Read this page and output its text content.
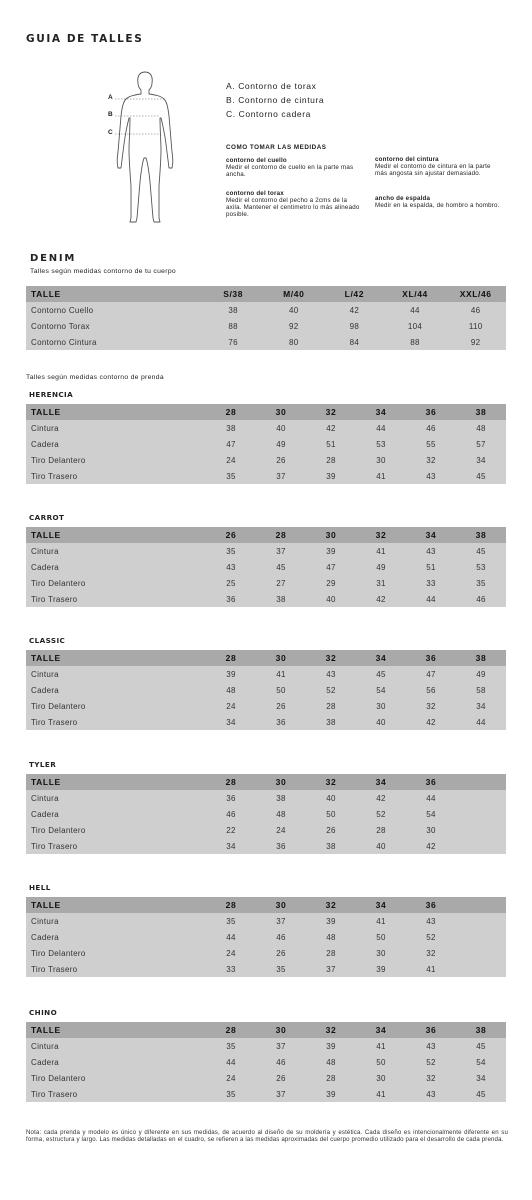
GUIA DE TALLES
A
B
C
A. Contorno de torax
B. Contorno de cintura
C. Contorno cadera
COMO TOMAR LAS MEDIDAS
contorno del cuello
Medir el contorno de cuello en la parte mas ancha.
contorno del torax
Medir el contorno del pecho a 2cms de la axila. Mantener el centimetro lo más alineado posible.
contorno del cintura
Medir el contorno de cintura en la parte más angosta sin ajustar demasiado.
ancho de espalda
Medir en la espalda, de hombro a hombro.
DENIM
Talles según medidas contorno de tu cuerpo
TALLE	S/38	M/40	L/42	XL/44	XXL/46
Contorno Cuello	38	40	42	44	46
Contorno Torax	88	92	98	104	110
Contorno Cintura	76	80	84	88	92
Talles según medidas contorno de prenda
HERENCIA
TALLE	28	30	32	34	36	38
Cintura	38	40	42	44	46	48
Cadera	47	49	51	53	55	57
Tiro Delantero	24	26	28	30	32	34
Tiro Trasero	35	37	39	41	43	45
CARROT
TALLE	26	28	30	32	34	38
Cintura	35	37	39	41	43	45
Cadera	43	45	47	49	51	53
Tiro Delantero	25	27	29	31	33	35
Tiro Trasero	36	38	40	42	44	46
CLASSIC
TALLE	28	30	32	34	36	38
Cintura	39	41	43	45	47	49
Cadera	48	50	52	54	56	58
Tiro Delantero	24	26	28	30	32	34
Tiro Trasero	34	36	38	40	42	44
TYLER
TALLE	28	30	32	34	36	
Cintura	36	38	40	42	44	
Cadera	46	48	50	52	54	
Tiro Delantero	22	24	26	28	30	
Tiro Trasero	34	36	38	40	42	
HELL
TALLE	28	30	32	34	36	
Cintura	35	37	39	41	43	
Cadera	44	46	48	50	52	
Tiro Delantero	24	26	28	30	32	
Tiro Trasero	33	35	37	39	41	
CHINO
TALLE	28	30	32	34	36	38
Cintura	35	37	39	41	43	45
Cadera	44	46	48	50	52	54
Tiro Delantero	24	26	28	30	32	34
Tiro Trasero	35	37	39	41	43	45
Nota: cada prenda y modelo es único y diferente en sus medidas, de acuerdo al diseño de su moldería y estética. Cada diseño es intencionalmente diferente en su forma, estructura y largo. Las medidas detalladas en el cuadro, se refieren a las medidas aproximadas del cuerpo promedio utilizado para el desarrollo de cada prenda.
